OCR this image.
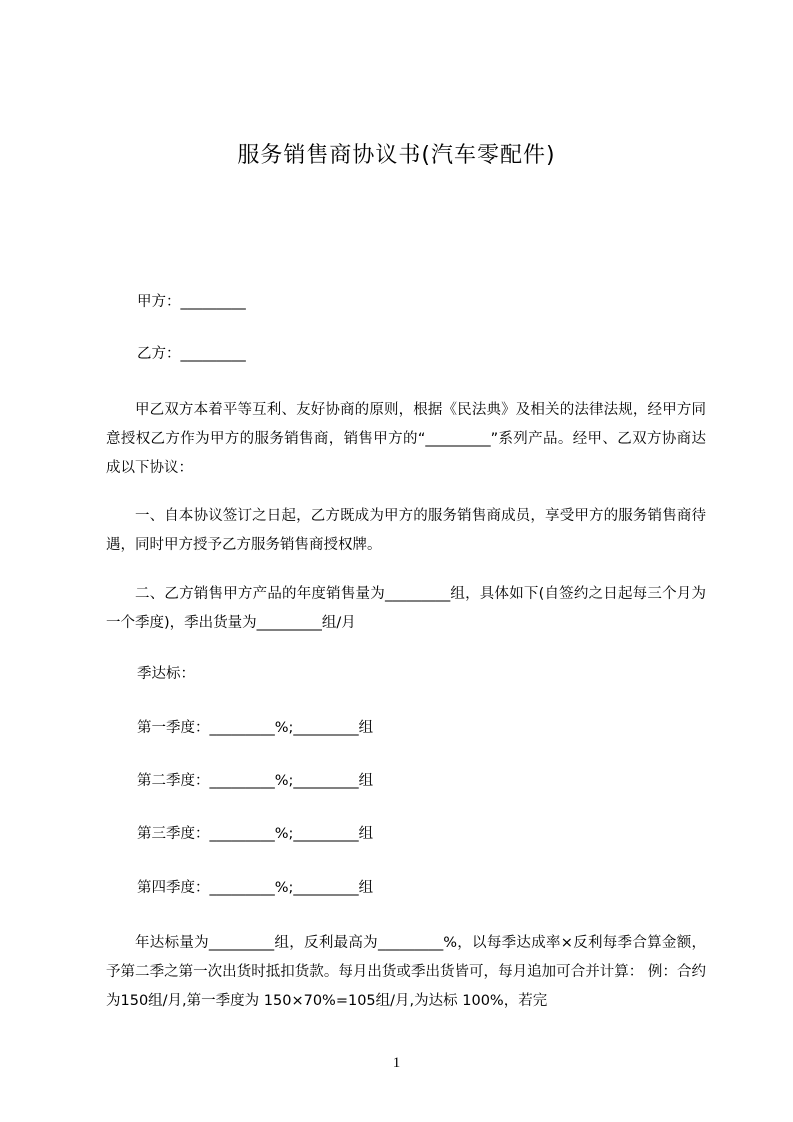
服务销售商协议书(汽车零配件)
甲方：_________
乙方：_________
甲乙双方本着平等互利、友好协商的原则，根据《民法典》及相关的法律法规，经甲方同意授权乙方作为甲方的服务销售商，销售甲方的“_________”系列产品。经甲、乙双方协商达成以下协议：
一、自本协议签订之日起，乙方既成为甲方的服务销售商成员，享受甲方的服务销售商待遇，同时甲方授予乙方服务销售商授权牌。
二、乙方销售甲方产品的年度销售量为_________组，具体如下(自签约之日起每三个月为一个季度)，季出货量为_________组/月
季达标：
第一季度：_________%;_________组
第二季度：_________%;_________组
第三季度：_________%;_________组
第四季度：_________%;_________组
年达标量为_________组，反利最高为_________%，以每季达成率×反利每季合算金额，予第二季之第一次出货时抵扣货款。每月出货或季出货皆可，每月追加可合并计算： 例：合约为150组/月,第一季度为 150×70%=105组/月,为达标 100%，若完
1
